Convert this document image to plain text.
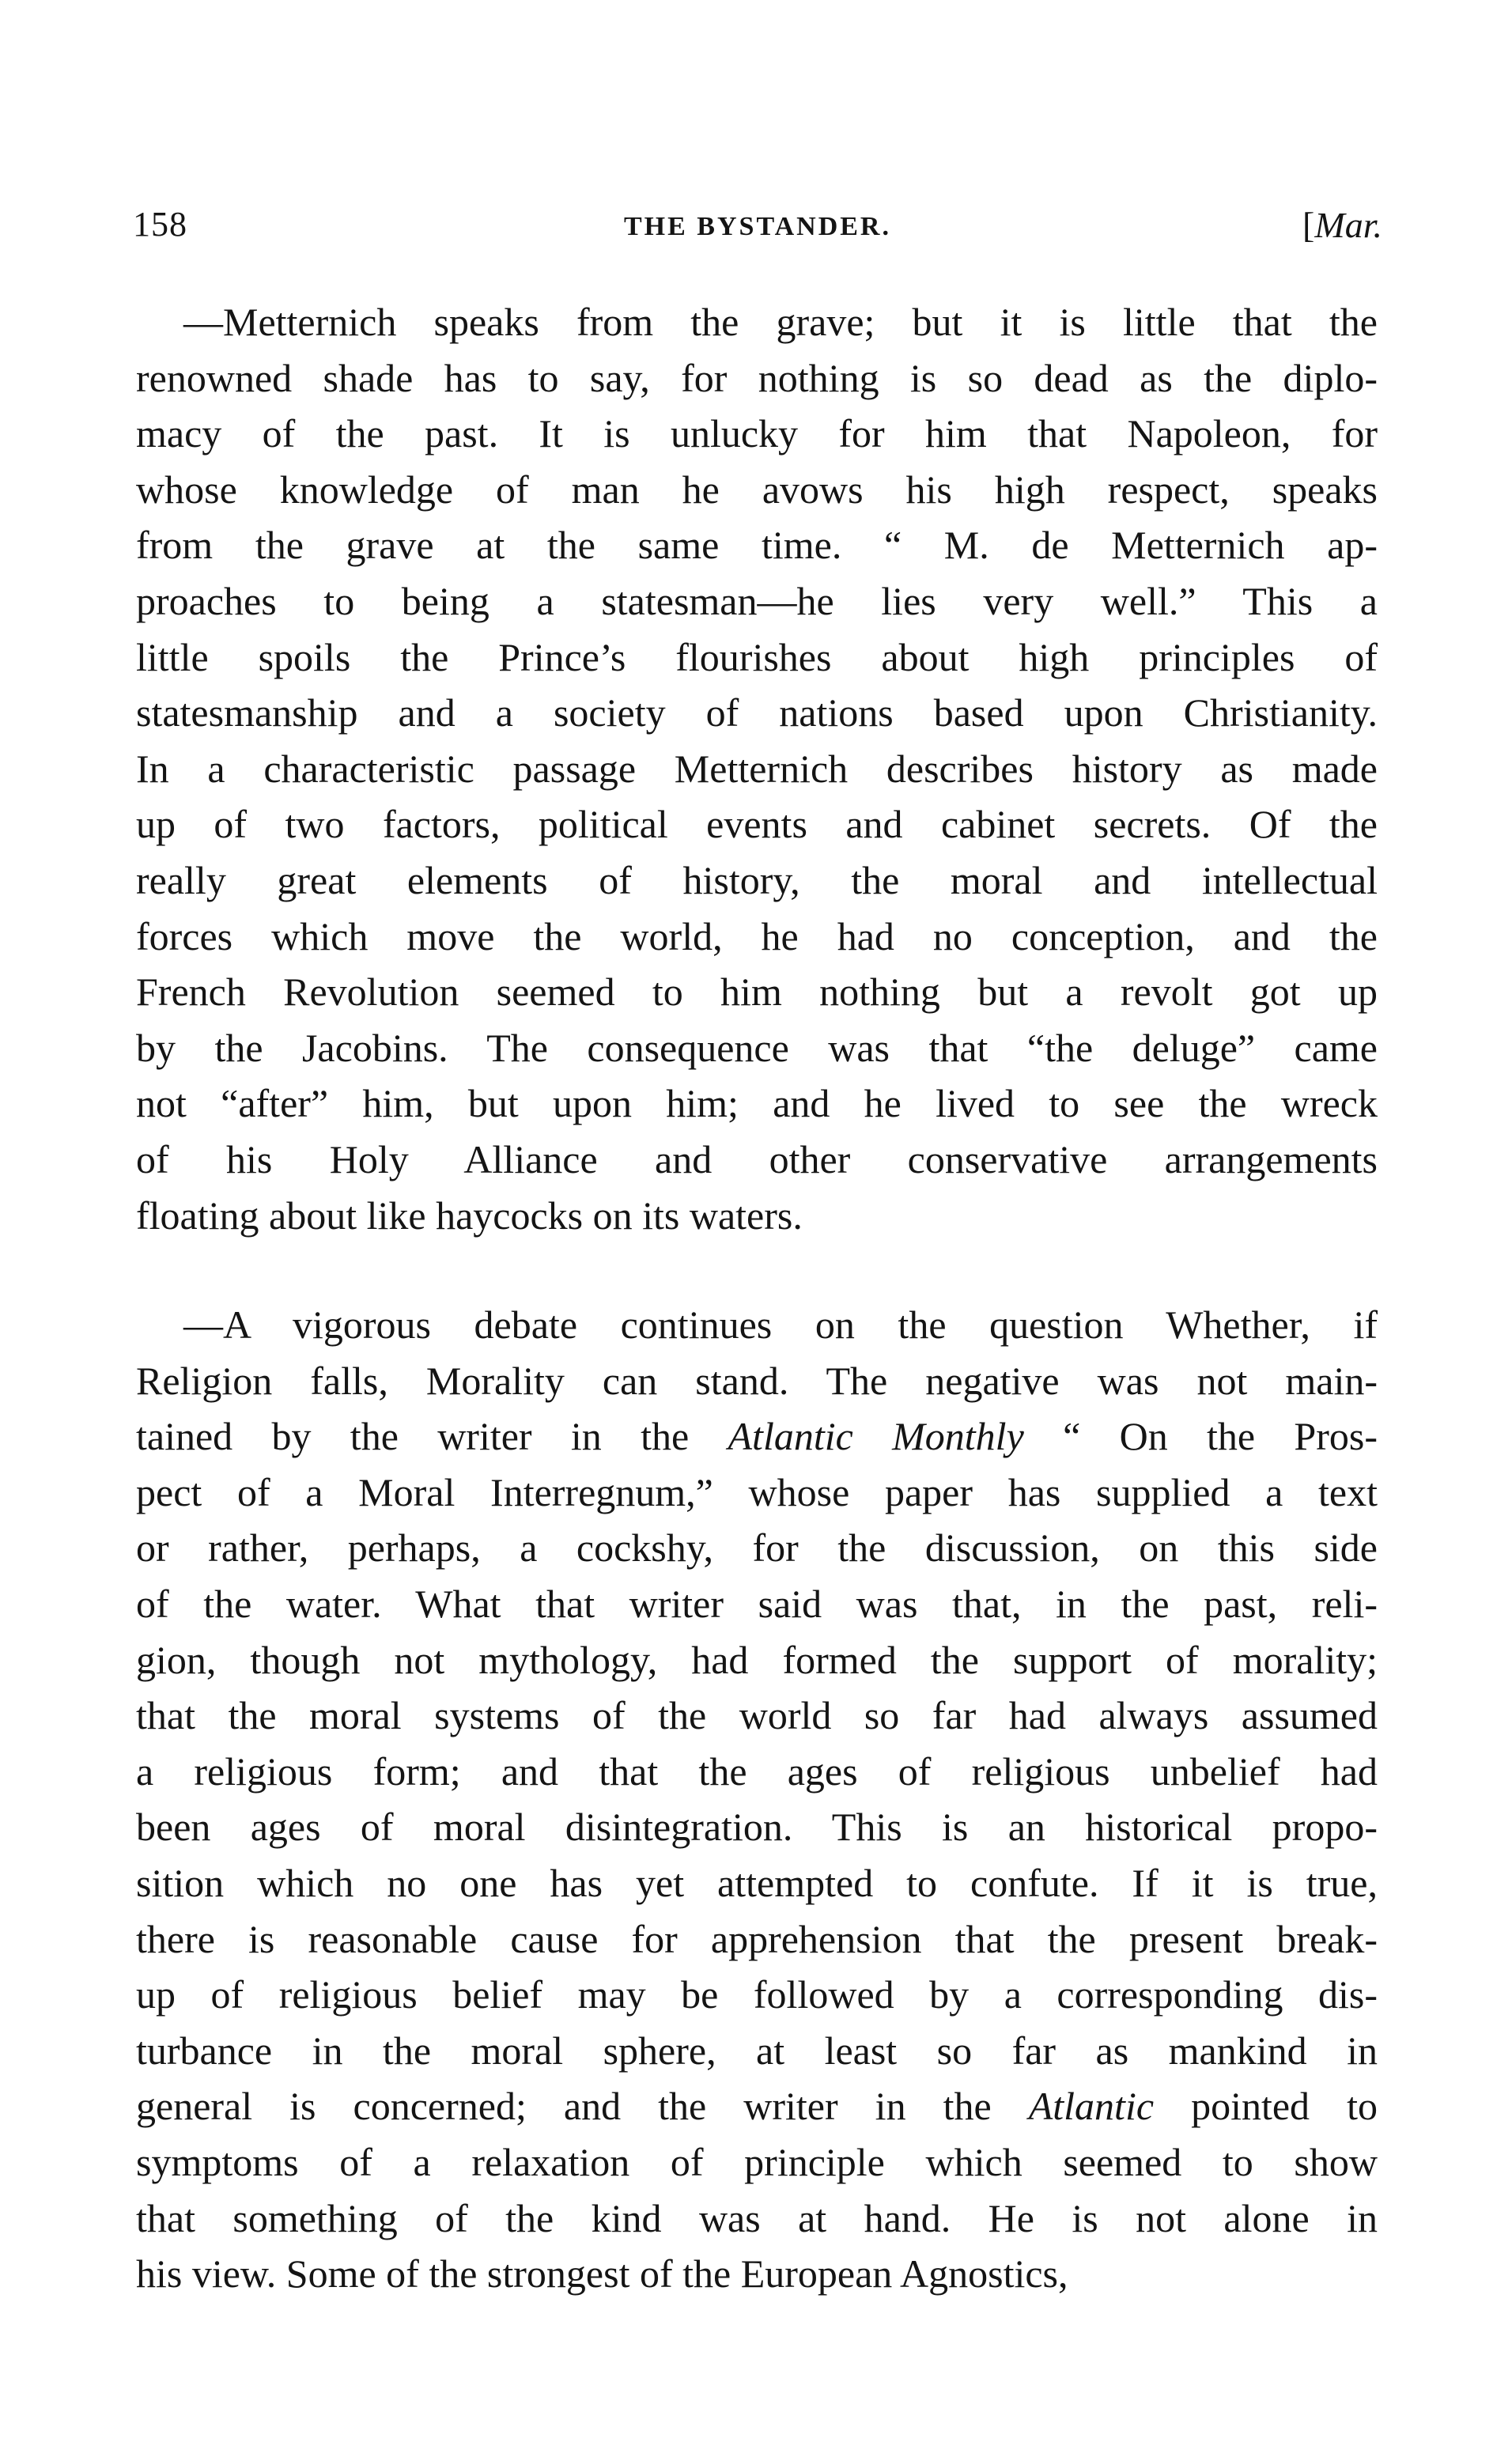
158	THE BYSTANDER.	[Mar.
—Metternich speaks from the grave; but it is little that the
renowned shade has to say, for nothing is so dead as the diplo-
macy of the past. It is unlucky for him that Napoleon, for
whose knowledge of man he avows his high respect, speaks
from the grave at the same time. “ M. de Metternich ap-
proaches to being a statesman—he lies very well.” This a
little spoils the Prince’s flourishes about high principles of
statesmanship and a society of nations based upon Christianity.
In a characteristic passage Metternich describes history as made
up of two factors, political events and cabinet secrets. Of the
really great elements of history, the moral and intellectual
forces which move the world, he had no conception, and the
French Revolution seemed to him nothing but a revolt got up
by the Jacobins. The consequence was that “the deluge” came
not “after” him, but upon him; and he lived to see the wreck
of his Holy Alliance and other conservative arrangements
floating about like haycocks on its waters.
—A vigorous debate continues on the question Whether, if
Religion falls, Morality can stand. The negative was not main-
tained by the writer in the Atlantic Monthly “ On the Pros-
pect of a Moral Interregnum,” whose paper has supplied a text
or rather, perhaps, a cockshy, for the discussion, on this side
of the water. What that writer said was that, in the past, reli-
gion, though not mythology, had formed the support of morality;
that the moral systems of the world so far had always assumed
a religious form; and that the ages of religious unbelief had
been ages of moral disintegration. This is an historical propo-
sition which no one has yet attempted to confute. If it is true,
there is reasonable cause for apprehension that the present break-
up of religious belief may be followed by a corresponding dis-
turbance in the moral sphere, at least so far as mankind in
general is concerned; and the writer in the Atlantic pointed to
symptoms of a relaxation of principle which seemed to show
that something of the kind was at hand. He is not alone in
his view. Some of the strongest of the European Agnostics,
